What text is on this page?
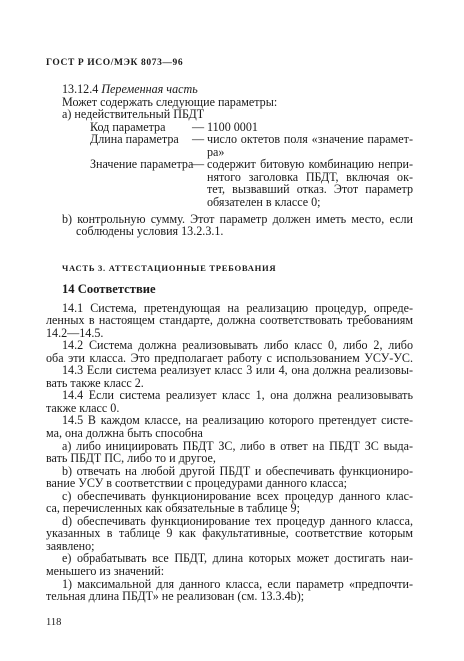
ГОСТ Р ИСО/МЭК 8073—96
13.12.4 Переменная часть
Может содержать следующие параметры:
a) недействительный ПБДТ
Код параметра — 1100 0001
Длина параметра — число октетов поля «значение парамет-
ра»
Значение параметра
— содержит битовую комбинацию непри-
нятого заголовка ПБДТ, включая ок-
тет, вызвавший отказ. Этот параметр
обязателен в классе 0;
b) контрольную сумму. Этот параметр должен иметь место, если
соблюдены условия 13.2.3.1.
ЧАСТЬ 3. АТТЕСТАЦИОННЫЕ ТРЕБОВАНИЯ
14 Соответствие
14.1 Система, претендующая на реализацию процедур, опреде-
ленных в настоящем стандарте, должна соответствовать требованиям
14.2—14.5.
14.2 Система должна реализовывать либо класс 0, либо 2, либо
оба эти класса. Это предполагает работу с использованием УСУ-УС.
14.3 Если система реализует класс 3 или 4, она должна реализовы-
вать также класс 2.
14.4 Если система реализует класс 1, она должна реализовывать
также класс 0.
14.5 В каждом классе, на реализацию которого претендует систе-
ма, она должна быть способна
a) либо инициировать ПБДТ ЗС, либо в ответ на ПБДТ ЗС выда-
вать ПБДТ ПС, либо то и другое,
b) отвечать на любой другой ПБДТ и обеспечивать функциониро-
вание УСУ в соответствии с процедурами данного класса;
c) обеспечивать функционирование всех процедур данного клас-
са, перечисленных как обязательные в таблице 9;
d) обеспечивать функционирование тех процедур данного класса,
указанных в таблице 9 как факультативные, соответствие которым
заявлено;
e) обрабатывать все ПБДТ, длина которых может достигать наи-
меньшего из значений:
1) максимальной для данного класса, если параметр «предпочти-
тельная длина ПБДТ» не реализован (см. 13.3.4b);
118
